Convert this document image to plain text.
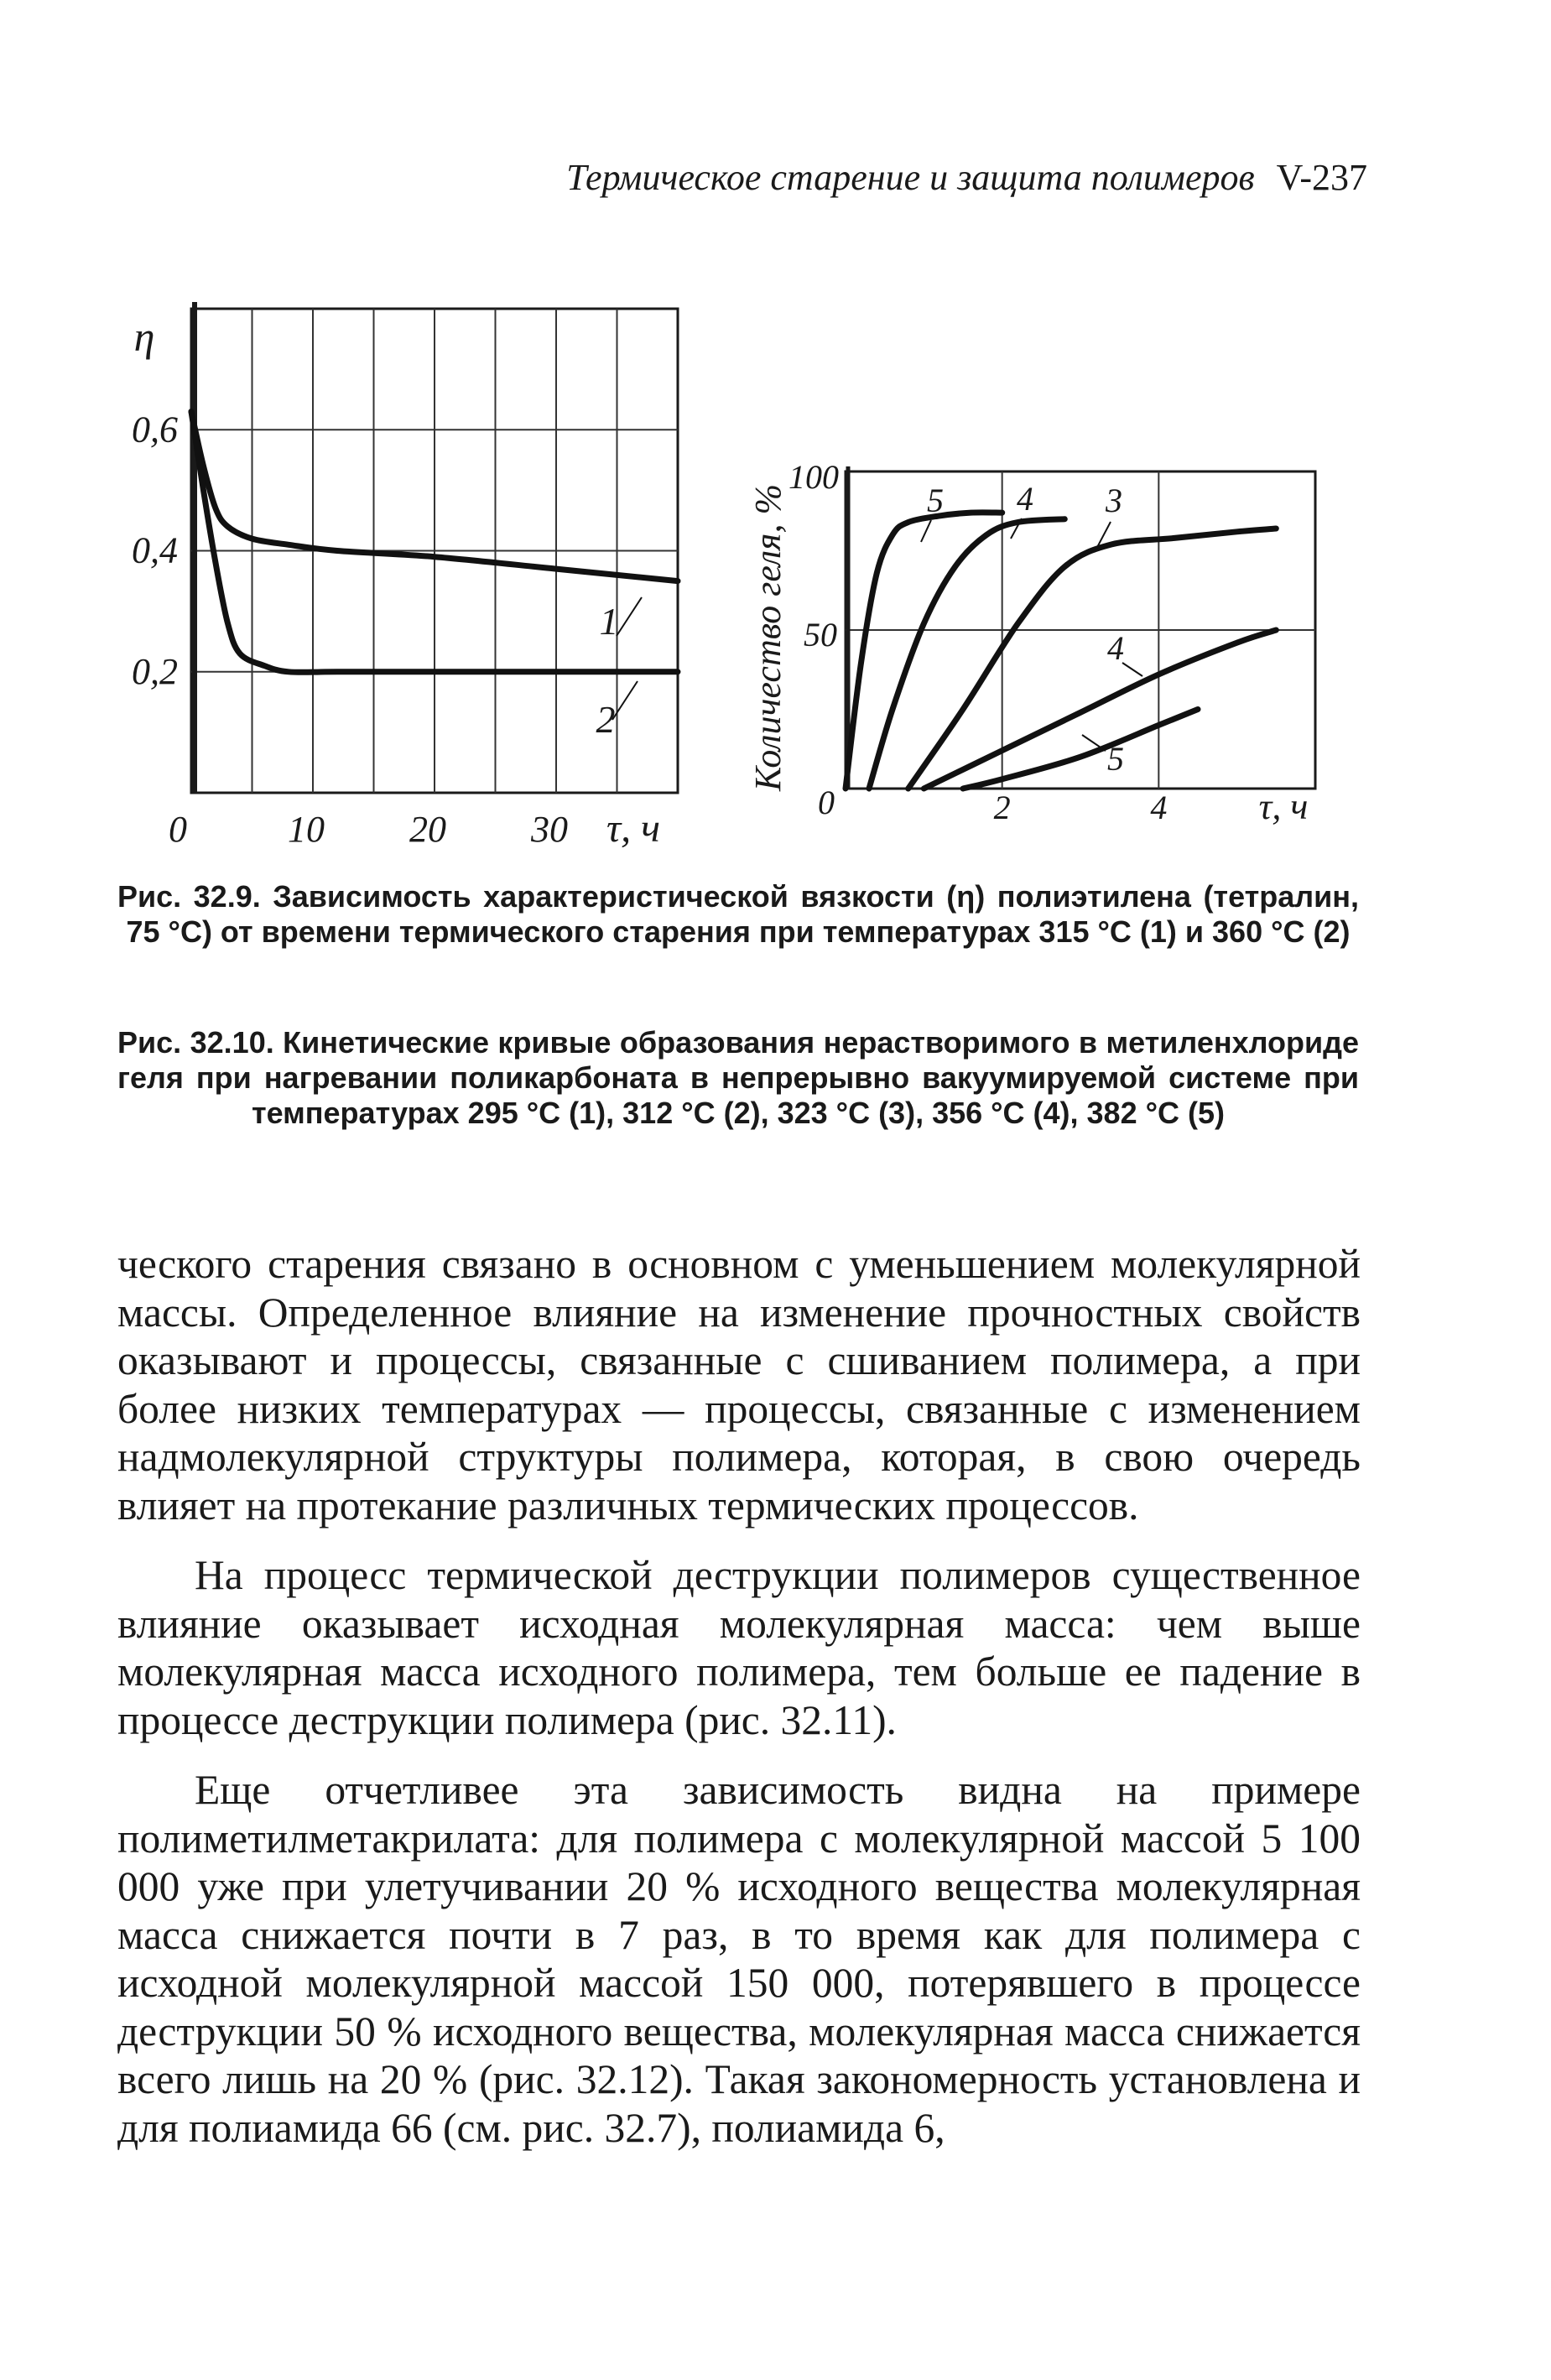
Термическое старение и защита полимеров V-237
1
2
0,6
0,4
0,2
η
0	10 20 30 τ, ч
5 4 3
4
5
100
50
0	2	4 τ, ч
Количество геля, %

Рис. 32.9. Зависимость характеристической вязкости (η) полиэтилена (тетралин, 75 °С) от времени термического старения при температурах 315 °С (1) и 360 °С (2)

Рис. 32.10. Кинетические кривые образования нерастворимого в метиленхлориде геля при нагревании поликарбоната в непрерывно вакуумируемой системе при температурах 295 °С (1), 312 °С (2), 323 °С (3), 356 °С (4), 382 °С (5)

ческого старения связано в основном с уменьшением молекулярной массы. Определенное влияние на изменение прочностных свойств оказывают и процессы, связанные с сшиванием полимера, а при более низких температурах — процессы, связанные с изменением надмолекулярной структуры полимера, которая, в свою очередь влияет на протекание различных термических процессов.

На процесс термической деструкции полимеров существенное влияние оказывает исходная молекулярная масса: чем выше молекулярная масса исходного полимера, тем больше ее падение в процессе деструкции полимера (рис. 32.11).

Еще отчетливее эта зависимость видна на примере полиметилметакрилата: для полимера с молекулярной массой 5 100 000 уже при улетучивании 20 % исходного вещества молекулярная масса снижается почти в 7 раз, в то время как для полимера с исходной молекулярной массой 150 000, потерявшего в процессе деструкции 50 % исходного вещества, молекулярная масса снижается всего лишь на 20 % (рис. 32.12). Такая закономерность установлена и для полиамида 66 (см. рис. 32.7), полиамида 6,
